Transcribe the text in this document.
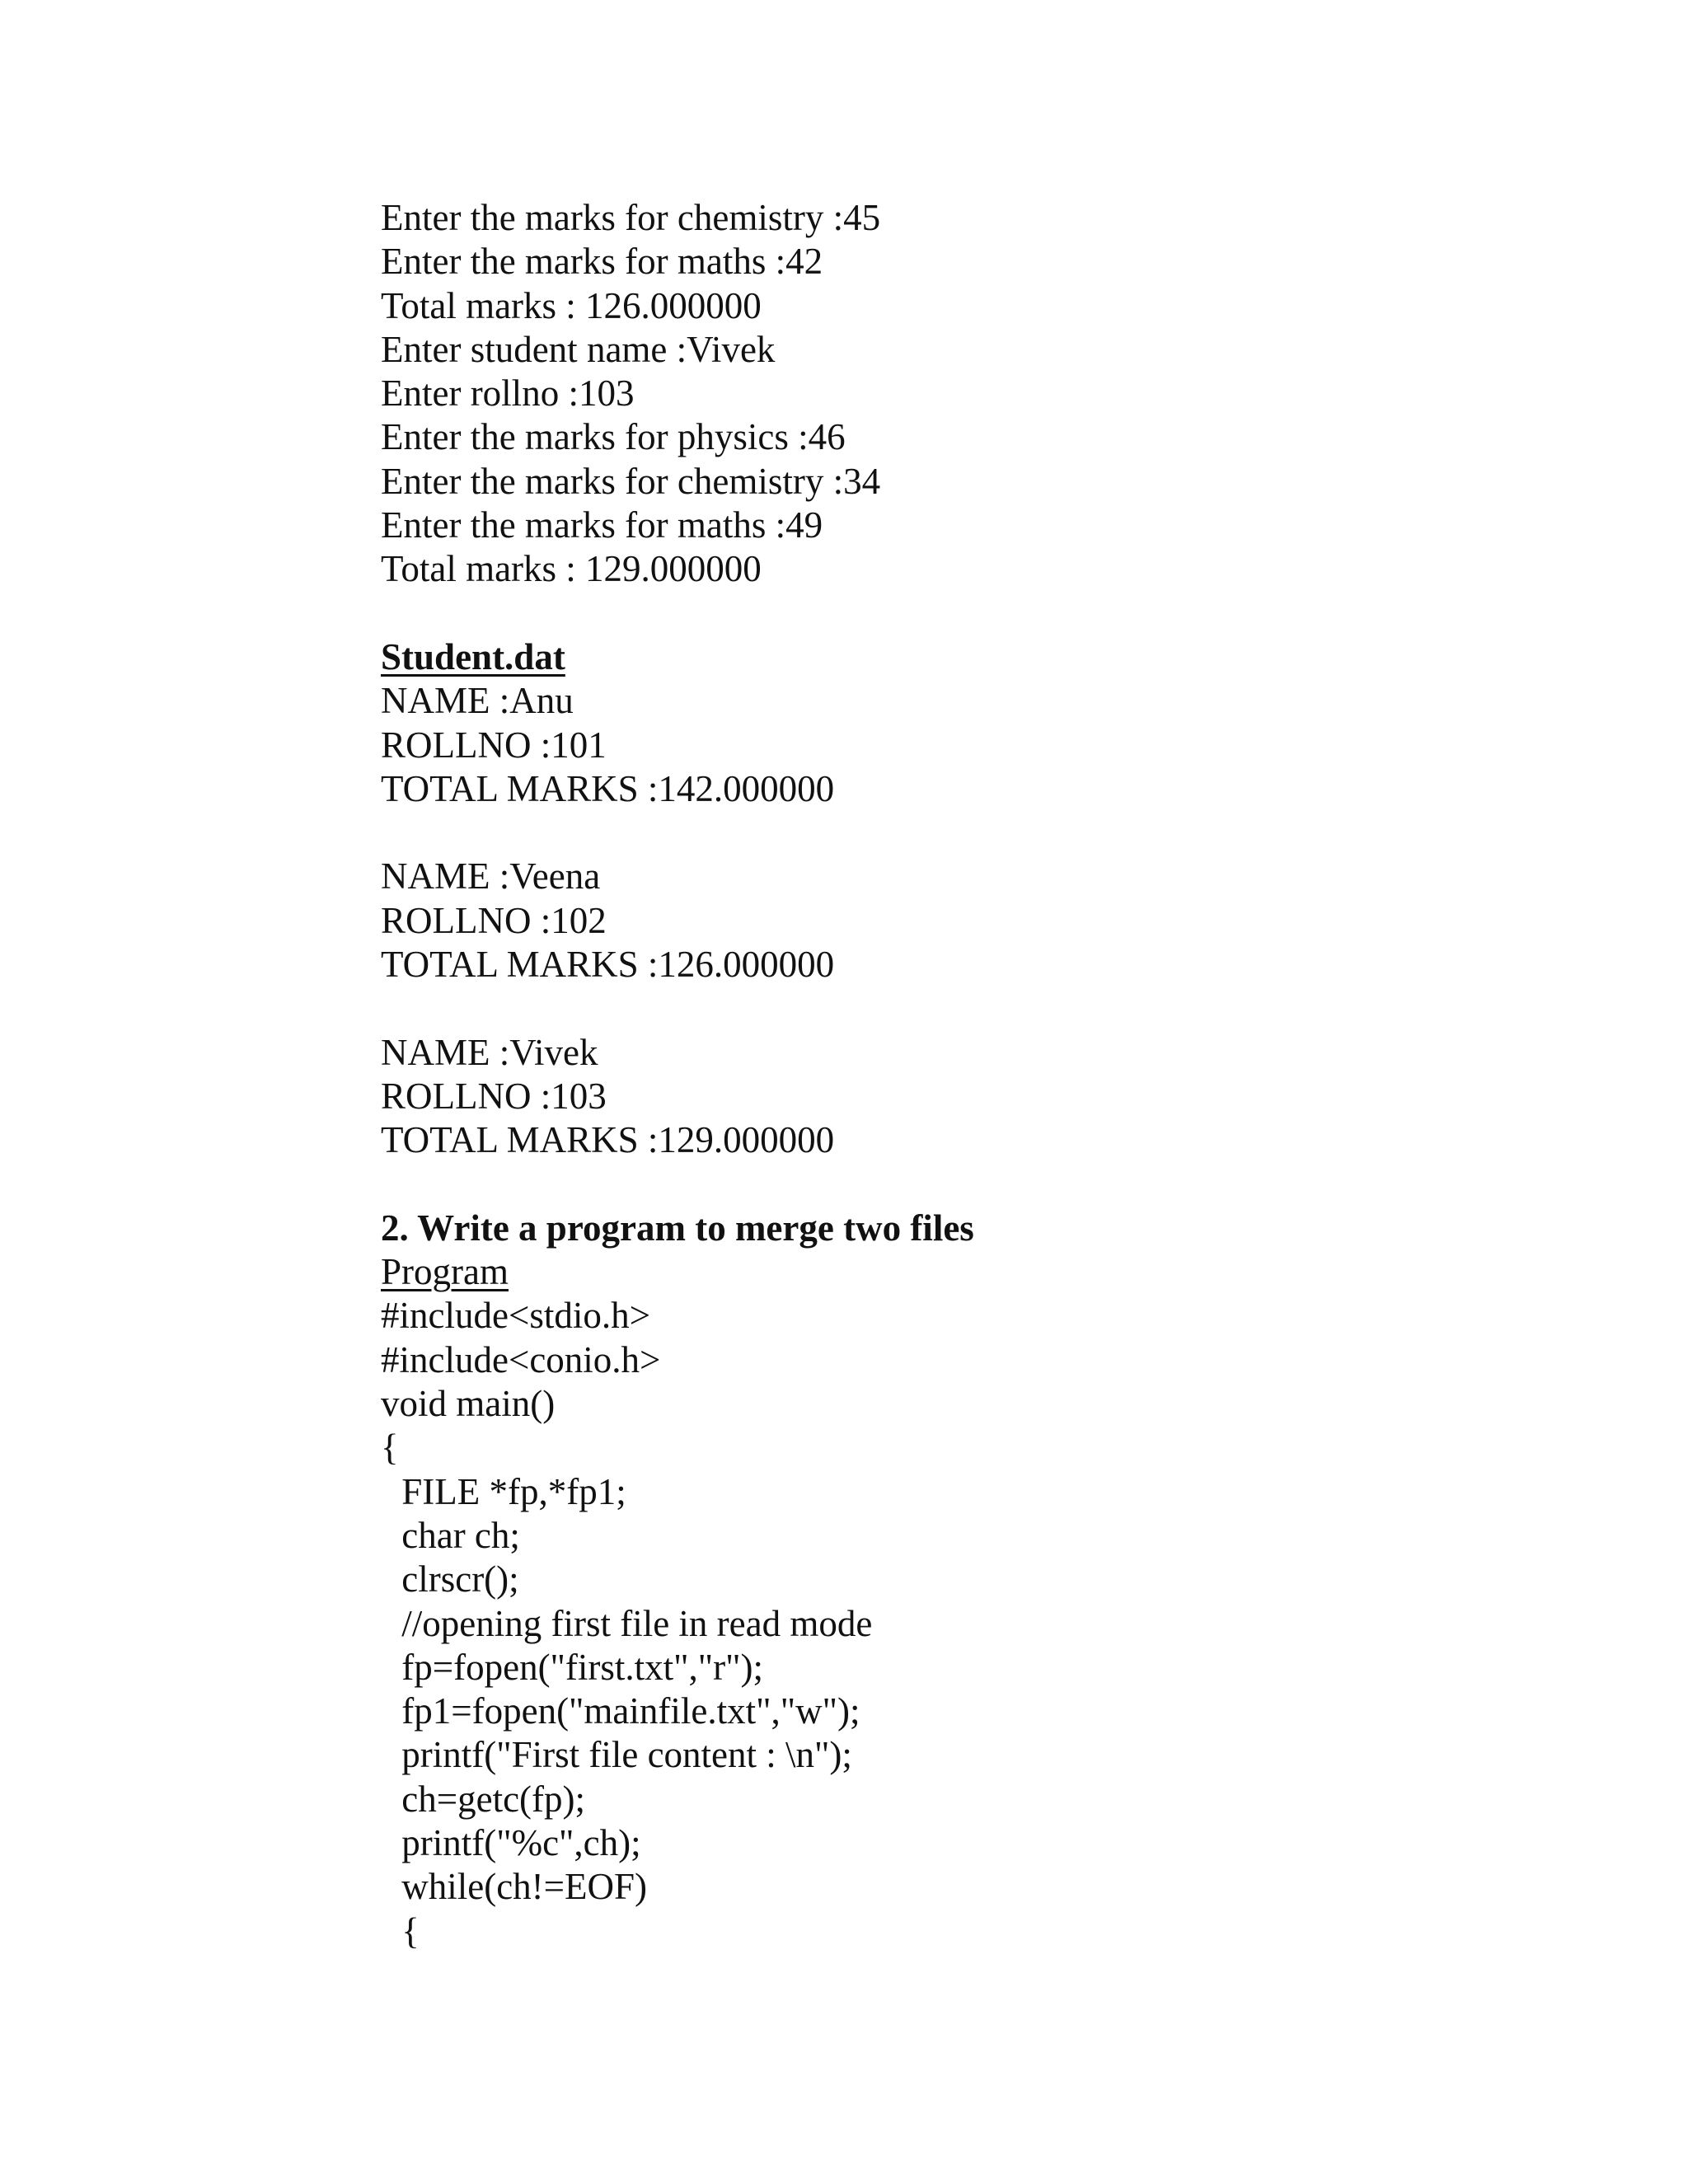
Enter the marks for chemistry :45
Enter the marks for maths :42
Total marks : 126.000000
Enter student name :Vivek
Enter rollno :103
Enter the marks for physics :46
Enter the marks for chemistry :34
Enter the marks for maths :49
Total marks : 129.000000
Student.dat
NAME :Anu
ROLLNO :101
TOTAL MARKS :142.000000
NAME :Veena
ROLLNO :102
TOTAL MARKS :126.000000
NAME :Vivek
ROLLNO :103
TOTAL MARKS :129.000000
2. Write a program to merge two files
Program
#include<stdio.h>
#include<conio.h>
void main()
{
FILE *fp,*fp1;
char ch;
clrscr();
//opening first file in read mode
fp=fopen("first.txt","r");
fp1=fopen("mainfile.txt","w");
printf("First file content : \n");
ch=getc(fp);
printf("%c",ch);
while(ch!=EOF)
{
